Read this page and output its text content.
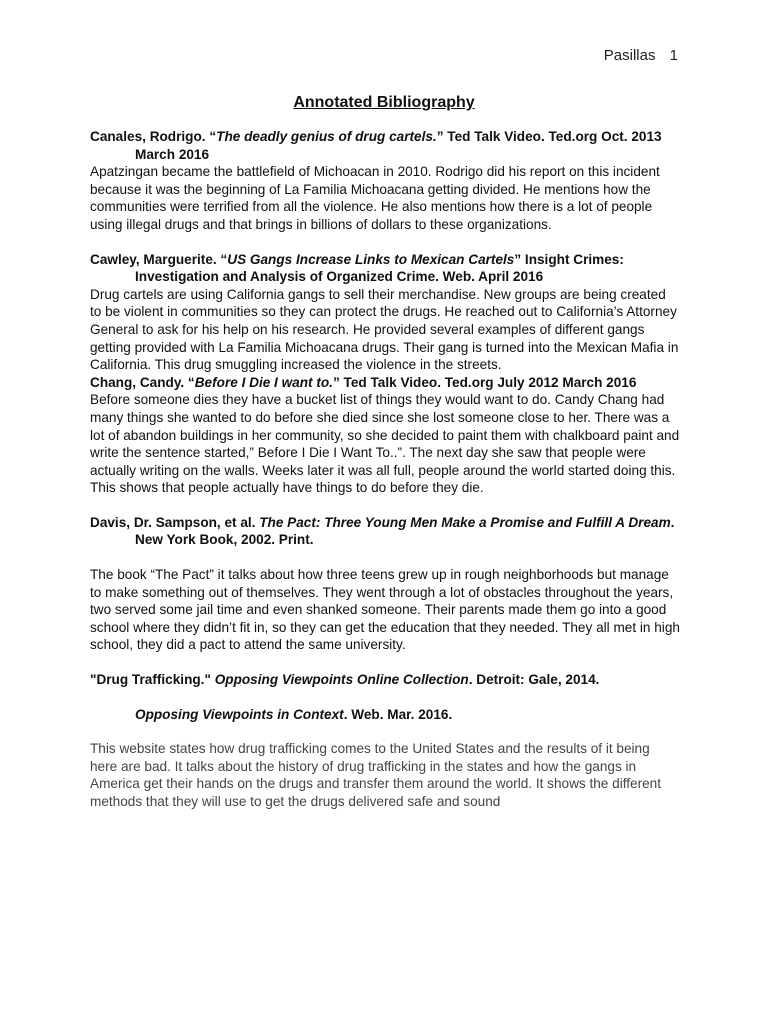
Pasillas 1
Annotated Bibliography

Canales, Rodrigo. “The deadly genius of drug cartels.” Ted Talk Video. Ted.org Oct. 2013 March 2016

Apatzingan became the battlefield of Michoacan in 2010. Rodrigo did his report on this incident because it was the beginning of La Familia Michoacana getting divided. He mentions how the communities were terrified from all the violence. He also mentions how there is a lot of people using illegal drugs and that brings in billions of dollars to these organizations.

Cawley, Marguerite. “US Gangs Increase Links to Mexican Cartels” Insight Crimes: Investigation and Analysis of Organized Crime. Web. April 2016

Drug cartels are using California gangs to sell their merchandise. New groups are being created to be violent in communities so they can protect the drugs. He reached out to California’s Attorney General to ask for his help on his research. He provided several examples of different gangs getting provided with La Familia Michoacana drugs. Their gang is turned into the Mexican Mafia in California. This drug smuggling increased the violence in the streets.

Chang, Candy. “Before I Die I want to.” Ted Talk Video. Ted.org July 2012 March 2016

Before someone dies they have a bucket list of things they would want to do. Candy Chang had many things she wanted to do before she died since she lost someone close to her. There was a lot of abandon buildings in her community, so she decided to paint them with chalkboard paint and write the sentence started,” Before I Die I Want To..”. The next day she saw that people were actually writing on the walls. Weeks later it was all full, people around the world started doing this. This shows that people actually have things to do before they die.

Davis, Dr. Sampson, et al. The Pact: Three Young Men Make a Promise and Fulfill A Dream. New York Book, 2002. Print.

The book “The Pact” it talks about how three teens grew up in rough neighborhoods but manage to make something out of themselves. They went through a lot of obstacles throughout the years, two served some jail time and even shanked someone. Their parents made them go into a good school where they didn’t fit in, so they can get the education that they needed. They all met in high school, they did a pact to attend the same university.

"Drug Trafficking." Opposing Viewpoints Online Collection. Detroit: Gale, 2014.

Opposing Viewpoints in Context. Web. Mar. 2016.

This website states how drug trafficking comes to the United States and the results of it being here are bad. It talks about the history of drug trafficking in the states and how the gangs in America get their hands on the drugs and transfer them around the world. It shows the different methods that they will use to get the drugs delivered safe and sound
